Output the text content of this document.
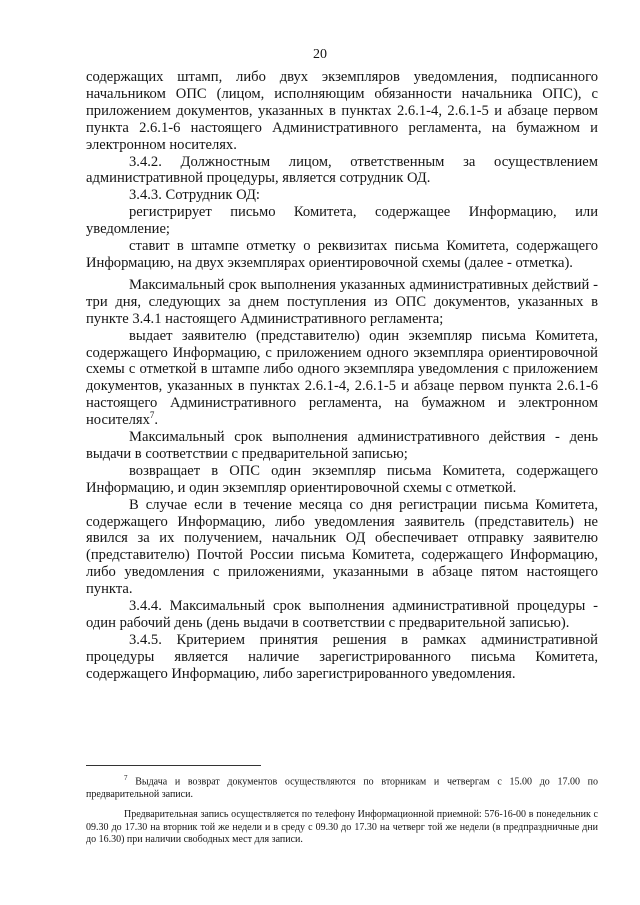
20

содержащих штамп, либо двух экземпляров уведомления, подписанного начальником ОПС (лицом, исполняющим обязанности начальника ОПС), с приложением документов, указанных в пунктах 2.6.1-4, 2.6.1-5 и абзаце первом пункта 2.6.1-6 настоящего Административного регламента, на бумажном и электронном носителях.

3.4.2. Должностным лицом, ответственным за осуществлением административной процедуры, является сотрудник ОД.

3.4.3. Сотрудник ОД:

регистрирует письмо Комитета, содержащее Информацию, или уведомление;

ставит в штампе отметку о реквизитах письма Комитета, содержащего Информацию, на двух экземплярах ориентировочной схемы (далее - отметка).

Максимальный срок выполнения указанных административных действий - три дня, следующих за днем поступления из ОПС документов, указанных в пункте 3.4.1 настоящего Административного регламента;

выдает заявителю (представителю) один экземпляр письма Комитета, содержащего Информацию, с приложением одного экземпляра ориентировочной схемы с отметкой в штампе либо одного экземпляра уведомления с приложением документов, указанных в пунктах 2.6.1-4, 2.6.1-5 и абзаце первом пункта 2.6.1-6 настоящего Административного регламента, на бумажном и электронном носителях$^7$.

Максимальный срок выполнения административного действия - день выдачи в соответствии с предварительной записью;

возвращает в ОПС один экземпляр письма Комитета, содержащего Информацию, и один экземпляр ориентировочной схемы с отметкой.

В случае если в течение месяца со дня регистрации письма Комитета, содержащего Информацию, либо уведомления заявитель (представитель) не явился за их получением, начальник ОД обеспечивает отправку заявителю (представителю) Почтой России письма Комитета, содержащего Информацию, либо уведомления с приложениями, указанными в абзаце пятом настоящего пункта.

3.4.4. Максимальный срок выполнения административной процедуры - один рабочий день (день выдачи в соответствии с предварительной записью).

3.4.5. Критерием принятия решения в рамках административной процедуры является наличие зарегистрированного письма Комитета, содержащего Информацию, либо зарегистрированного уведомления.

$^7$ Выдача и возврат документов осуществляются по вторникам и четвергам с 15.00 до 17.00 по предварительной записи.

Предварительная запись осуществляется по телефону Информационной приемной: 576-16-00 в понедельник с 09.30 до 17.30 на вторник той же недели и в среду с 09.30 до 17.30 на четверг той же недели (в предпраздничные дни до 16.30) при наличии свободных мест для записи.
